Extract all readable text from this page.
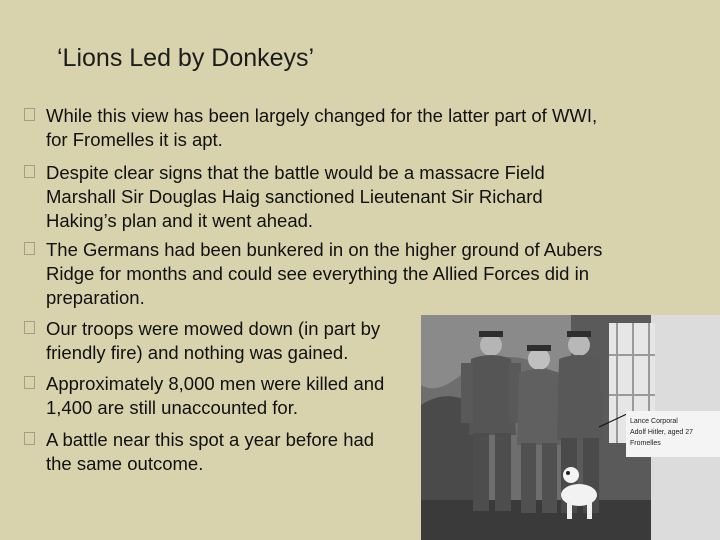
‘Lions Led by Donkeys’
While this view has been largely changed for the latter part of WWI,
for Fromelles it is apt.
Despite clear signs that the battle would be a massacre Field
Marshall Sir Douglas Haig sanctioned Lieutenant Sir Richard
Haking’s plan and it went ahead.
The Germans had been bunkered in on the higher ground of Aubers
Ridge for months and could see everything the Allied Forces did in
preparation.
Our troops were mowed down (in part by
friendly fire) and nothing was gained.
Approximately 8,000 men were killed and
1,400 are still unaccounted for.
A battle near this spot a year before had
the same outcome.
Lance Corporal
Adolf Hitler, aged 27
Fromelles
